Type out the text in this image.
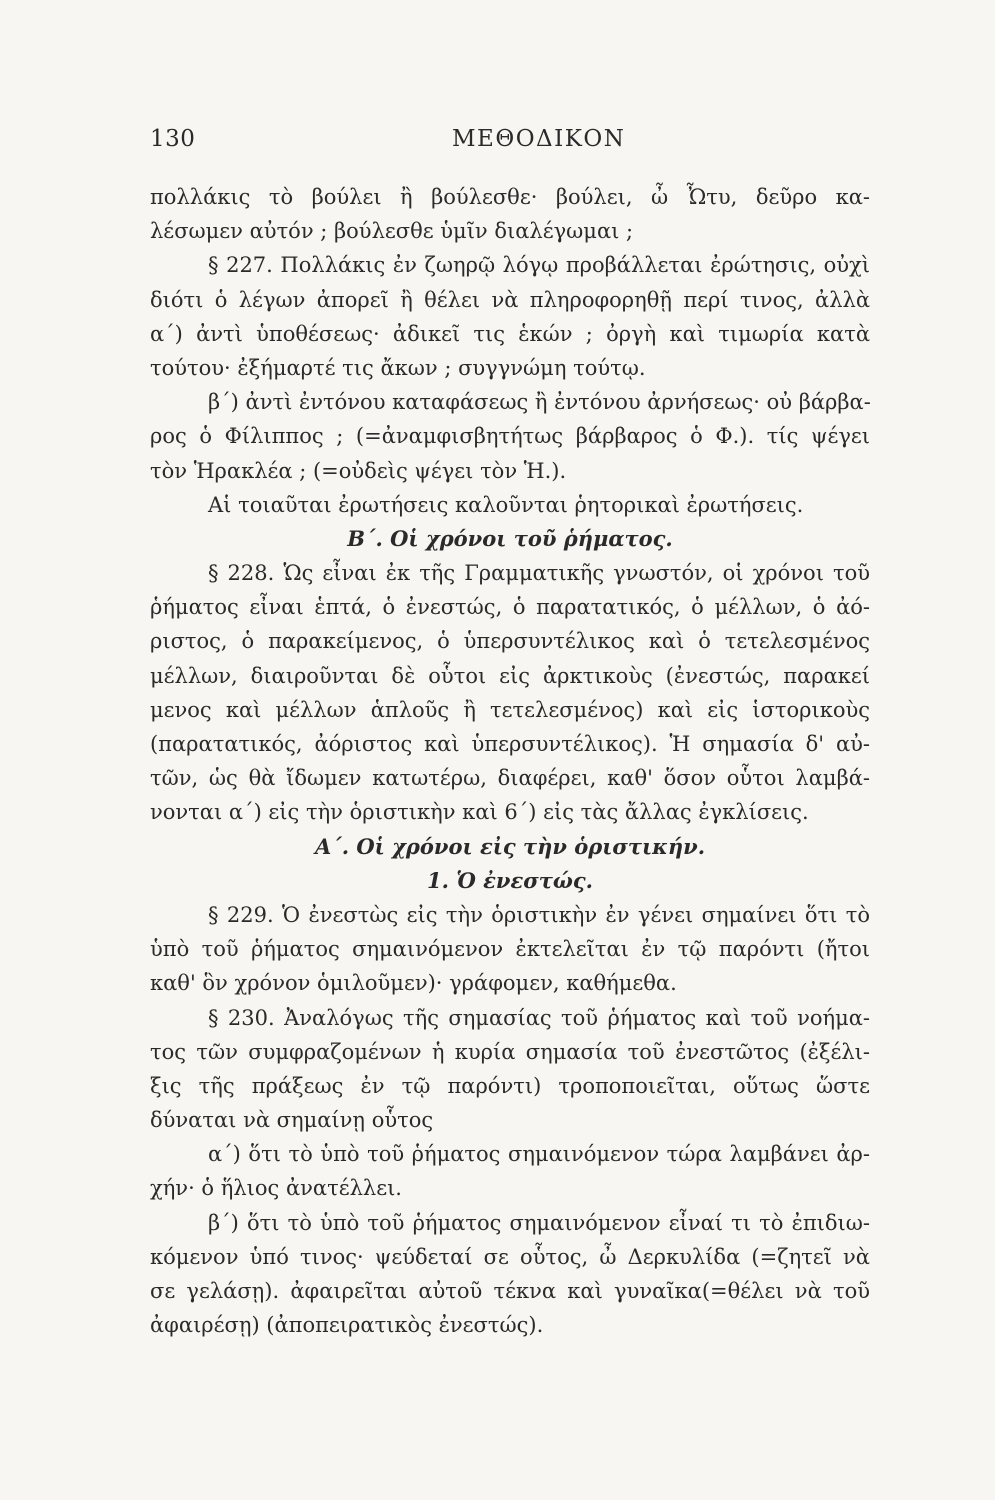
130	ΜΕΘΟΔΙΚΟΝ
πολλάκις τὸ βούλει ἢ βούλεσθε· βούλει, ὦ Ὦτυ, δεῦρο κα-
λέσωμεν αὐτόν ; βούλεσθε ὑμῖν διαλέγωμαι ;
§ 227. Πολλάκις ἐν ζωηρῷ λόγῳ προβάλλεται ἐρώτησις, οὐχὶ
διότι ὁ λέγων ἀπορεῖ ἢ θέλει νὰ πληροφορηθῇ περί τινος, ἀλλὰ
α΄) ἀντὶ ὑποθέσεως· ἀδικεῖ τις ἑκών ; ὀργὴ καὶ τιμωρία κατὰ
τούτου· ἐξήμαρτέ τις ἄκων ; συγγνώμη τούτῳ.
β΄) ἀντὶ ἐντόνου καταφάσεως ἢ ἐντόνου ἀρνήσεως· οὐ βάρβα-
ρος ὁ Φίλιππος ; (=ἀναμφισβητήτως βάρβαρος ὁ Φ.). τίς ψέγει
τὸν Ἡρακλέα ; (=οὐδεὶς ψέγει τὸν Ἡ.).
Αἱ τοιαῦται ἐρωτήσεις καλοῦνται ῥητορικαὶ ἐρωτήσεις.
Β΄. Οἱ χρόνοι τοῦ ῥήματος.
§ 228. Ὡς εἶναι ἐκ τῆς Γραμματικῆς γνωστόν, οἱ χρόνοι τοῦ
ῥήματος εἶναι ἑπτά, ὁ ἐνεστώς, ὁ παρατατικός, ὁ μέλλων, ὁ ἀό-
ριστος, ὁ παρακείμενος, ὁ ὑπερσυντέλικος καὶ ὁ τετελεσμένος
μέλλων, διαιροῦνται δὲ οὗτοι εἰς ἀρκτικοὺς (ἐνεστώς, παρακεί
μενος καὶ μέλλων ἁπλοῦς ἢ τετελεσμένος) καὶ εἰς ἱστορικοὺς
(παρατατικός, ἀόριστος καὶ ὑπερσυντέλικος). Ἡ σημασία δ' αὐ-
τῶν, ὡς θὰ ἴδωμεν κατωτέρω, διαφέρει, καθ' ὅσον οὗτοι λαμβά-
νονται α΄) εἰς τὴν ὁριστικὴν καὶ 6΄) εἰς τὰς ἄλλας ἐγκλίσεις.
Α΄. Οἱ χρόνοι εἰς τὴν ὁριστικήν.
1. Ὁ ἐνεστώς.
§ 229. Ὁ ἐνεστὼς εἰς τὴν ὁριστικὴν ἐν γένει σημαίνει ὅτι τὸ
ὑπὸ τοῦ ῥήματος σημαινόμενον ἐκτελεῖται ἐν τῷ παρόντι (ἤτοι
καθ' ὃν χρόνον ὁμιλοῦμεν)· γράφομεν, καθήμεθα.
§ 230. Ἀναλόγως τῆς σημασίας τοῦ ῥήματος καὶ τοῦ νοήμα-
τος τῶν συμφραζομένων ἡ κυρία σημασία τοῦ ἐνεστῶτος (ἐξέλι-
ξις τῆς πράξεως ἐν τῷ παρόντι) τροποποιεῖται, οὕτως ὥστε
δύναται νὰ σημαίνῃ οὗτος
α΄) ὅτι τὸ ὑπὸ τοῦ ῥήματος σημαινόμενον τώρα λαμβάνει ἀρ-
χήν· ὁ ἥλιος ἀνατέλλει.
β΄) ὅτι τὸ ὑπὸ τοῦ ῥήματος σημαινόμενον εἶναί τι τὸ ἐπιδιω-
κόμενον ὑπό τινος· ψεύδεταί σε οὗτος, ὦ Δερκυλίδα (=ζητεῖ νὰ
σε γελάσῃ). ἀφαιρεῖται αὐτοῦ τέκνα καὶ γυναῖκα(=θέλει νὰ τοῦ
ἀφαιρέσῃ) (ἀποπειρατικὸς ἐνεστώς).
